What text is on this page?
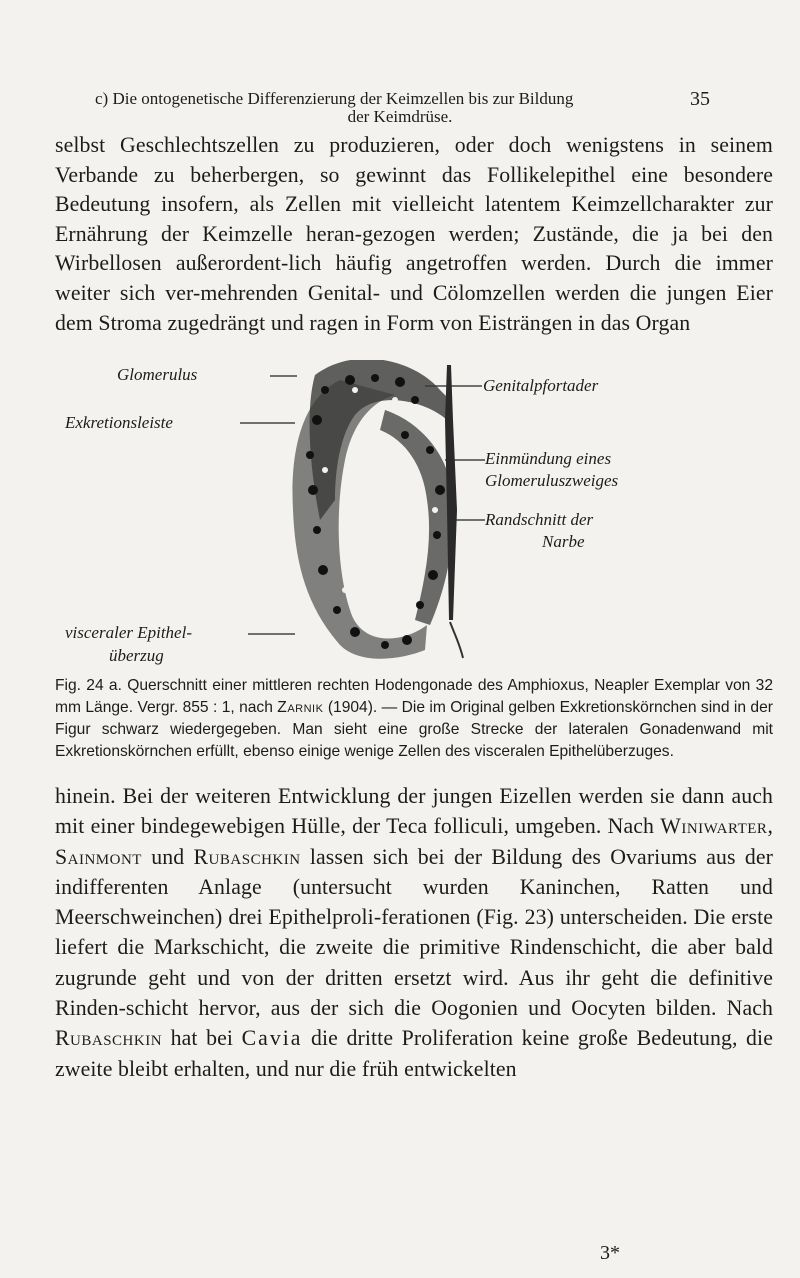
c) Die ontogenetische Differenzierung der Keimzellen bis zur Bildung	35
der Keimdrüse.
selbst Geschlechtszellen zu produzieren, oder doch wenigstens in seinem Verbande zu beherbergen, so gewinnt das Follikelepithel eine besondere Bedeutung insofern, als Zellen mit vielleicht latentem Keimzellcharakter zur Ernährung der Keimzelle heran-gezogen werden; Zustände, die ja bei den Wirbellosen außerordent-lich häufig angetroffen werden. Durch die immer weiter sich ver-mehrenden Genital- und Cölomzellen werden die jungen Eier dem Stroma zugedrängt und ragen in Form von Eisträngen in das Organ
Glomerulus
Exkretionsleiste
visceraler Epithel-
überzug
Genitalpfortader
Einmündung eines
Glomeruluszweiges
Randschnitt der
Narbe
Fig. 24 a. Querschnitt einer mittleren rechten Hodengonade des Amphioxus, Neapler Exemplar von 32 mm Länge. Vergr. 855 : 1, nach Zarnik (1904). — Die im Original gelben Exkretionskörnchen sind in der Figur schwarz wiedergegeben. Man sieht eine große Strecke der lateralen Gonadenwand mit Exkretionskörnchen erfüllt, ebenso einige wenige Zellen des visceralen Epithelüberzuges.
hinein. Bei der weiteren Entwicklung der jungen Eizellen werden sie dann auch mit einer bindegewebigen Hülle, der Teca folliculi, umgeben. Nach Winiwarter, Sainmont und Rubaschkin lassen sich bei der Bildung des Ovariums aus der indifferenten Anlage (untersucht wurden Kaninchen, Ratten und Meerschweinchen) drei Epithelproli-ferationen (Fig. 23) unterscheiden. Die erste liefert die Markschicht, die zweite die primitive Rindenschicht, die aber bald zugrunde geht und von der dritten ersetzt wird. Aus ihr geht die definitive Rinden-schicht hervor, aus der sich die Oogonien und Oocyten bilden. Nach Rubaschkin hat bei Cavia die dritte Proliferation keine große Bedeutung, die zweite bleibt erhalten, und nur die früh entwickelten
3*
